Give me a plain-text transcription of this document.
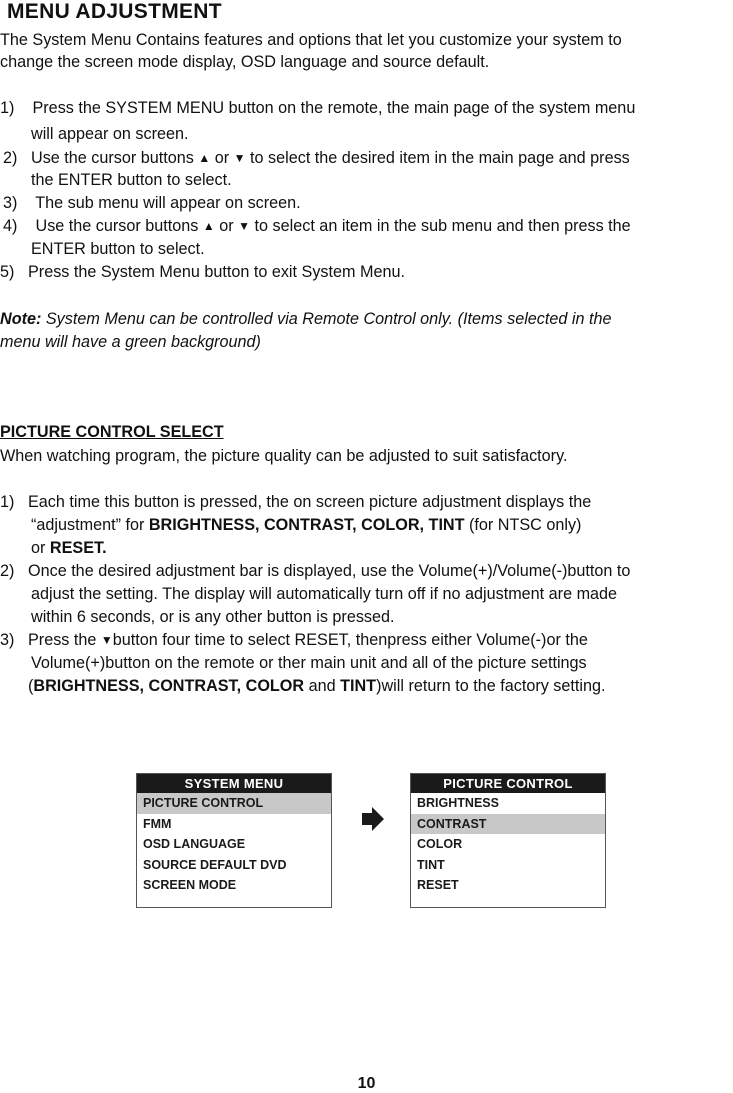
MENU ADJUSTMENT
The System Menu Contains features and options that let you customize your system to
change the screen mode display, OSD language and source default.
1) Press the SYSTEM MENU button on the remote, the main page of the system menu
will appear on screen.
2) Use the cursor buttons ▲ or ▼ to select the desired item in the main page and press
the ENTER button to select.
3) The sub menu will appear on screen.
4) Use the cursor buttons ▲ or ▼ to select an item in the sub menu and then press the
ENTER button to select.
5) Press the System Menu button to exit System Menu.
Note: System Menu can be controlled via Remote Control only. (Items selected in the
menu will have a green background)
PICTURE CONTROL SELECT
When watching program, the picture quality can be adjusted to suit satisfactory.
1) Each time this button is pressed, the on screen picture adjustment displays the
“adjustment” for BRIGHTNESS, CONTRAST, COLOR, TINT (for NTSC only)
or RESET.
2) Once the desired adjustment bar is displayed, use the Volume(+)/Volume(-)button to
adjust the setting. The display will automatically turn off if no adjustment are made
within 6 seconds, or is any other button is pressed.
3) Press the ▼button four time to select RESET, thenpress either Volume(-)or the
Volume(+)button on the remote or ther main unit and all of the picture settings
(BRIGHTNESS, CONTRAST, COLOR and TINT)will return to the factory setting.
SYSTEM MENU
PICTURE CONTROL
FMM
OSD LANGUAGE
SOURCE DEFAULT DVD
SCREEN MODE
PICTURE CONTROL
BRIGHTNESS
CONTRAST
COLOR
TINT
RESET
10
